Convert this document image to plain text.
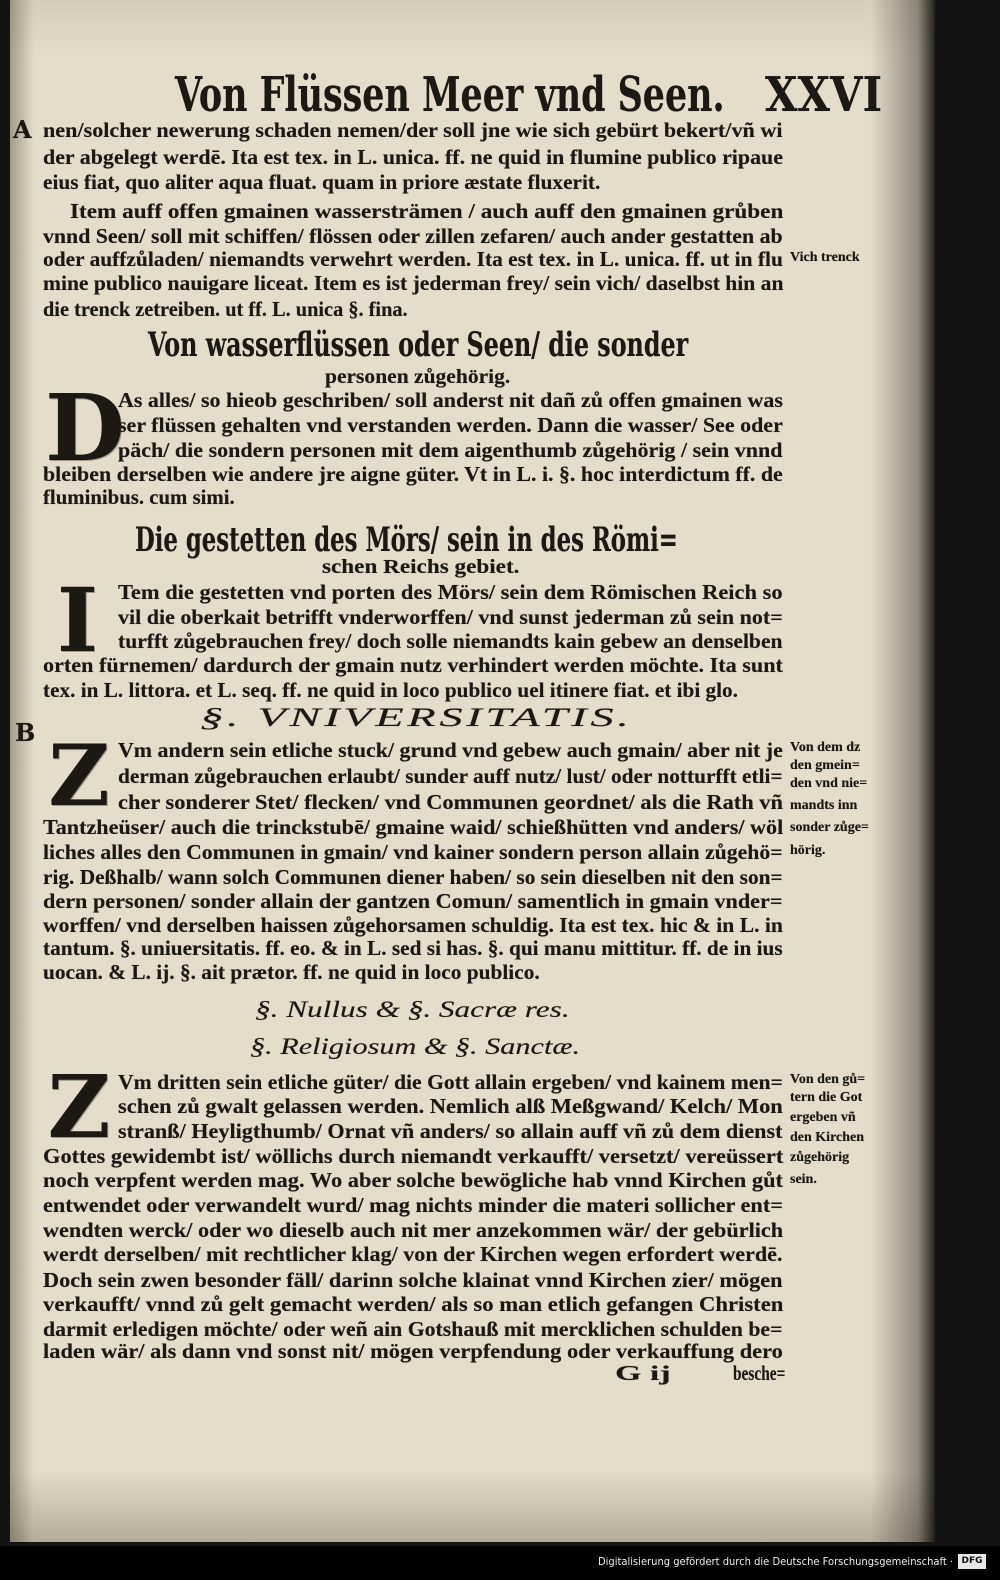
Von Flüssen Meer vnd Seen. XXVI
A nen/solcher newerung schaden nemen/der soll jne wie sich gebürt bekert/vñ wi
der abgelegt werdē. Ita est tex. in L. unica. ff. ne quid in flumine publico ripaue
eius fiat, quo aliter aqua fluat. quam in priore æstate fluxerit.
Item auff offen gmainen wassersträmen / auch auff den gmainen grůben
vnnd Seen/ soll mit schiffen/ flössen oder zillen zefaren/ auch ander gestatten ab
oder auffzůladen/ niemandts verwehrt werden. Ita est tex. in L. unica. ff. ut in flu
mine publico nauigare liceat. Item es ist jederman frey/ sein vich/ daselbst hin an
die trenck zetreiben. ut ff. L. unica §. fina.
Vich trenck
Von wasserflüssen oder Seen/ die sonder
personen zůgehörig.
D
As alles/ so hieob geschriben/ soll anderst nit dañ zů offen gmainen was
ser flüssen gehalten vnd verstanden werden. Dann die wasser/ See oder
päch/ die sondern personen mit dem aigenthumb zůgehörig / sein vnnd
bleiben derselben wie andere jre aigne güter. Vt in L. i. §. hoc interdictum ff. de
fluminibus. cum simi.
Die gestetten des Mörs/ sein in des Römi=
schen Reichs gebiet.
I Tem die gestetten vnd porten des Mörs/ sein dem Römischen Reich so
vil die oberkait betrifft vnderworffen/ vnd sunst jederman zů sein not=
turfft zůgebrauchen frey/ doch solle niemandts kain gebew an denselben
orten fürnemen/ dardurch der gmain nutz verhindert werden möchte. Ita sunt
tex. in L. littora. et L. seq. ff. ne quid in loco publico uel itinere fiat. et ibi glo.
§. VNIVERSITATIS.
B Z Vm andern sein etliche stuck/ grund vnd gebew auch gmain/ aber nit je
derman zůgebrauchen erlaubt/ sunder auff nutz/ lust/ oder notturfft etli=
cher sonderer Stet/ flecken/ vnd Communen geordnet/ als die Rath vñ
Tantzheüser/ auch die trinckstubē/ gmaine waid/ schießhütten vnd anders/ wöl
liches alles den Communen in gmain/ vnd kainer sondern person allain zůgehö=
rig. Deßhalb/ wann solch Communen diener haben/ so sein dieselben nit den son=
dern personen/ sonder allain der gantzen Comun/ samentlich in gmain vnder=
worffen/ vnd derselben haissen zůgehorsamen schuldig. Ita est tex. hic & in L. in
tantum. §. uniuersitatis. ff. eo. & in L. sed si has. §. qui manu mittitur. ff. de in ius
uocan. & L. ij. §. ait prætor. ff. ne quid in loco publico.
Von dem dz
den gmein=
den vnd nie=
mandts inn
sonder zůge=
hörig.
§. Nullus & §. Sacræ res.
§. Religiosum & §. Sanctæ.
Z Vm dritten sein etliche güter/ die Gott allain ergeben/ vnd kainem men=
schen zů gwalt gelassen werden. Nemlich alß Meßgwand/ Kelch/ Mon
stranß/ Heyligthumb/ Ornat vñ anders/ so allain auff vñ zů dem dienst
Gottes gewidembt ist/ wöllichs durch niemandt verkaufft/ versetzt/ vereüssert
noch verpfent werden mag. Wo aber solche bewögliche hab vnnd Kirchen gůt
entwendet oder verwandelt wurd/ mag nichts minder die materi sollicher ent=
wendten werck/ oder wo dieselb auch nit mer anzekommen wär/ der gebürlich
werdt derselben/ mit rechtlicher klag/ von der Kirchen wegen erfordert werdē.
Doch sein zwen besonder fäll/ darinn solche klainat vnnd Kirchen zier/ mögen
verkaufft/ vnnd zů gelt gemacht werden/ als so man etlich gefangen Christen
darmit erledigen möchte/ oder weñ ain Gotshauß mit mercklichen schulden be=
laden wär/ als dann vnd sonst nit/ mögen verpfendung oder verkauffung dero
Von den gů=
tern die Got
ergeben vñ
den Kirchen
zůgehörig
sein.
G ij	besche=
Digitalisierung gefördert durch die Deutsche Forschungsgemeinschaft · DFG
